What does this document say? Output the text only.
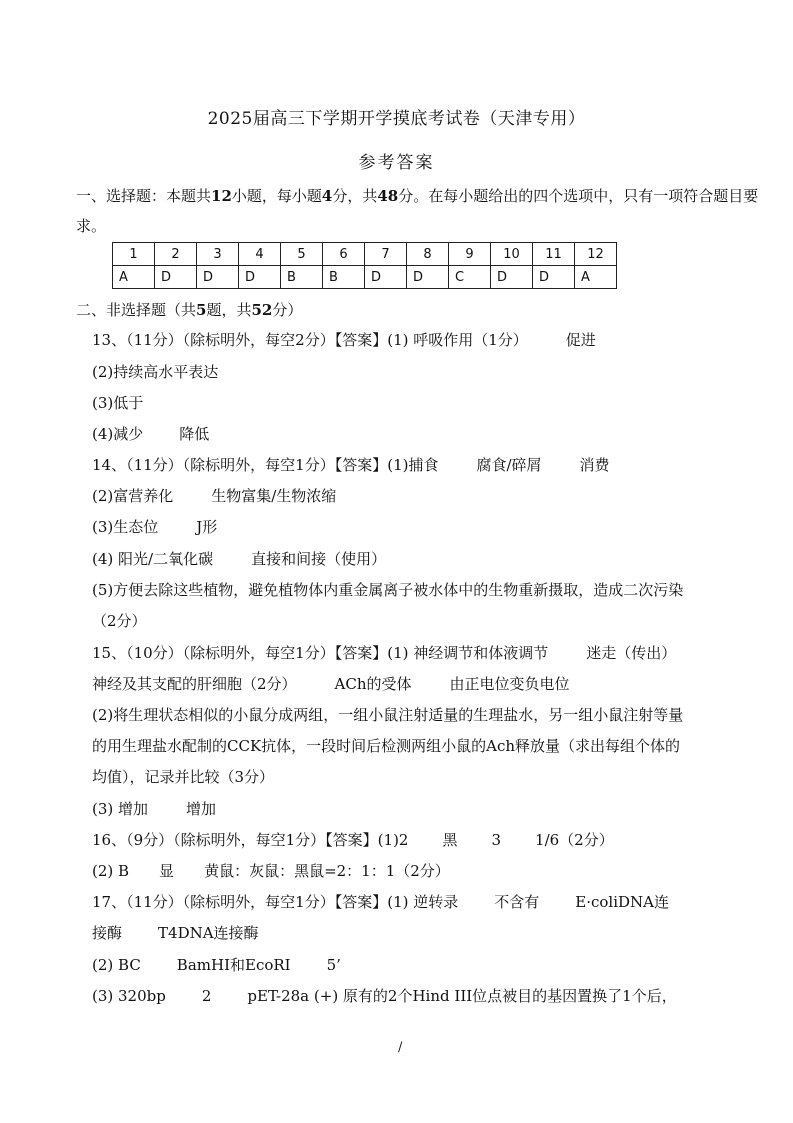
2025届高三下学期开学摸底考试卷（天津专用）
参考答案
一、选择题：本题共12小题，每小题4分，共48分。在每小题给出的四个选项中，只有一项符合题目要
求。
1	2	3	4	5	6	7	8	9	10	11	12
A	D	D	D	B	B	D	D	C	D	D	A
二、非选择题（共5题，共52分）
13、（11分）（除标明外，每空2分）【答案】(1) 呼吸作用（1分）	促进
(2)持续高水平表达
(3)低于
(4)减少 降低
14、（11分）（除标明外，每空1分）【答案】(1)捕食	腐食/碎屑	消费
(2)富营养化	生物富集/生物浓缩
(3)生态位	J形
(4) 阳光/二氧化碳	直接和间接（使用）
(5)方便去除这些植物，避免植物体内重金属离子被水体中的生物重新摄取，造成二次污染
（2分）
15、（10分）（除标明外，每空1分）【答案】(1) 神经调节和体液调节	迷走（传出）
神经及其支配的肝细胞（2分）	ACh的受体	由正电位变负电位
(2)将生理状态相似的小鼠分成两组，一组小鼠注射适量的生理盐水，另一组小鼠注射等量
的用生理盐水配制的CCK抗体，一段时间后检测两组小鼠的Ach释放量（求出每组个体的
均值），记录并比较（3分）
(3) 增加	增加
16、（9分）（除标明外，每空1分）【答案】(1)2 黑 3 1/6（2分）
(2) B 显 黄鼠：灰鼠：黑鼠=2：1：1（2分）
17、（11分）（除标明外，每空1分）【答案】(1) 逆转录 不含有 E·coliDNA连
接酶 T4DNA连接酶
(2) BC BamHI和EcoRI 5’
(3) 320bp 2 pET-28a (+) 原有的2个Hind III位点被目的基因置换了1个后，
/
